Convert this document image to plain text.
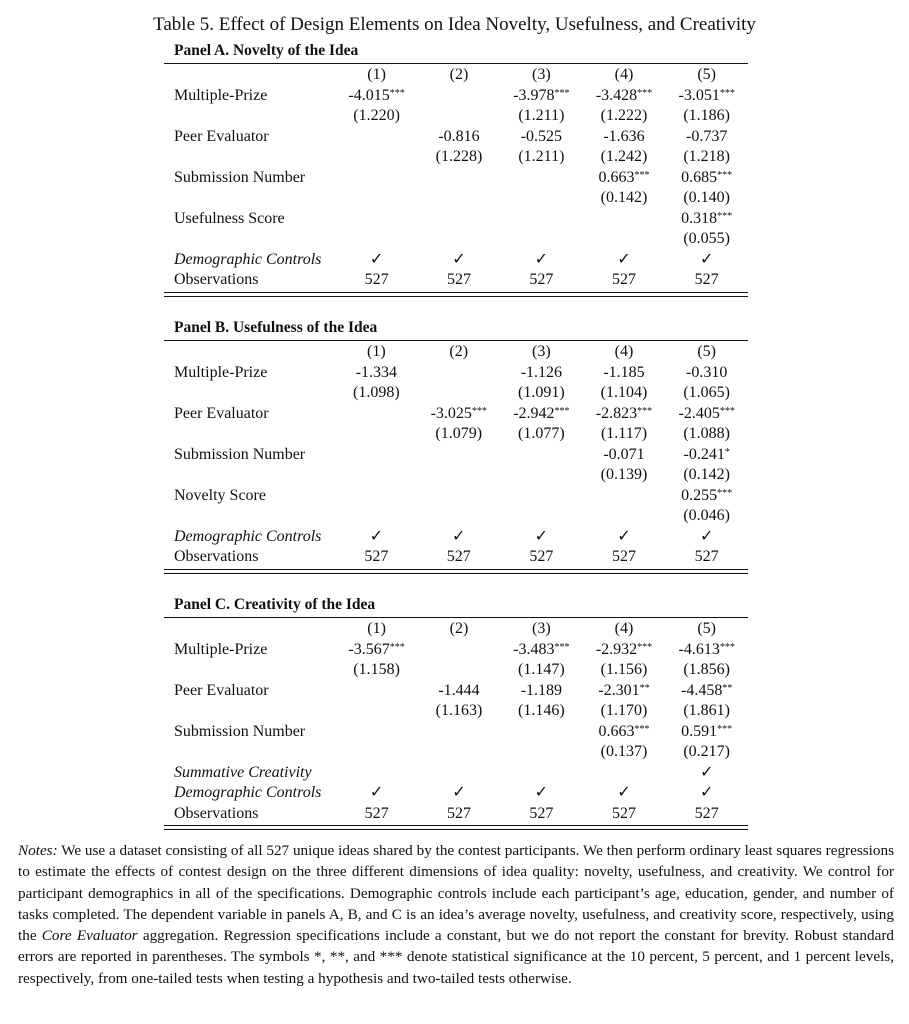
Table 5. Effect of Design Elements on Idea Novelty, Usefulness, and Creativity
Panel A. Novelty of the Idea
	(1)	(2)	(3)	(4)	(5)
Multiple-Prize	-4.015***		-3.978***	-3.428***	-3.051***
	(1.220)		(1.211)	(1.222)	(1.186)
Peer Evaluator		-0.816	-0.525	-1.636	-0.737
		(1.228)	(1.211)	(1.242)	(1.218)
Submission Number				0.663***	0.685***
				(0.142)	(0.140)
Usefulness Score					0.318***
					(0.055)
Demographic Controls	✓	✓	✓	✓	✓
Observations	527	527	527	527	527
Panel B. Usefulness of the Idea
	(1)	(2)	(3)	(4)	(5)
Multiple-Prize	-1.334		-1.126	-1.185	-0.310
	(1.098)		(1.091)	(1.104)	(1.065)
Peer Evaluator		-3.025***	-2.942***	-2.823***	-2.405***
		(1.079)	(1.077)	(1.117)	(1.088)
Submission Number				-0.071	-0.241*
				(0.139)	(0.142)
Novelty Score					0.255***
					(0.046)
Demographic Controls	✓	✓	✓	✓	✓
Observations	527	527	527	527	527
Panel C. Creativity of the Idea
	(1)	(2)	(3)	(4)	(5)
Multiple-Prize	-3.567***		-3.483***	-2.932***	-4.613***
	(1.158)		(1.147)	(1.156)	(1.856)
Peer Evaluator		-1.444	-1.189	-2.301**	-4.458**
		(1.163)	(1.146)	(1.170)	(1.861)
Submission Number				0.663***	0.591***
				(0.137)	(0.217)
Summative Creativity					✓
Demographic Controls	✓	✓	✓	✓	✓
Observations	527	527	527	527	527
Notes: We use a dataset consisting of all 527 unique ideas shared by the contest participants. We then perform ordinary least squares regressions to estimate the effects of contest design on the three different dimensions of idea quality: novelty, usefulness, and creativity. We control for participant demographics in all of the specifications. Demographic controls include each participant’s age, education, gender, and number of tasks completed. The dependent variable in panels A, B, and C is an idea’s average novelty, usefulness, and creativity score, respectively, using the Core Evaluator aggregation. Regression specifications include a constant, but we do not report the constant for brevity. Robust standard errors are reported in parentheses. The symbols *, **, and *** denote statistical significance at the 10 percent, 5 percent, and 1 percent levels, respectively, from one-tailed tests when testing a hypothesis and two-tailed tests otherwise.
